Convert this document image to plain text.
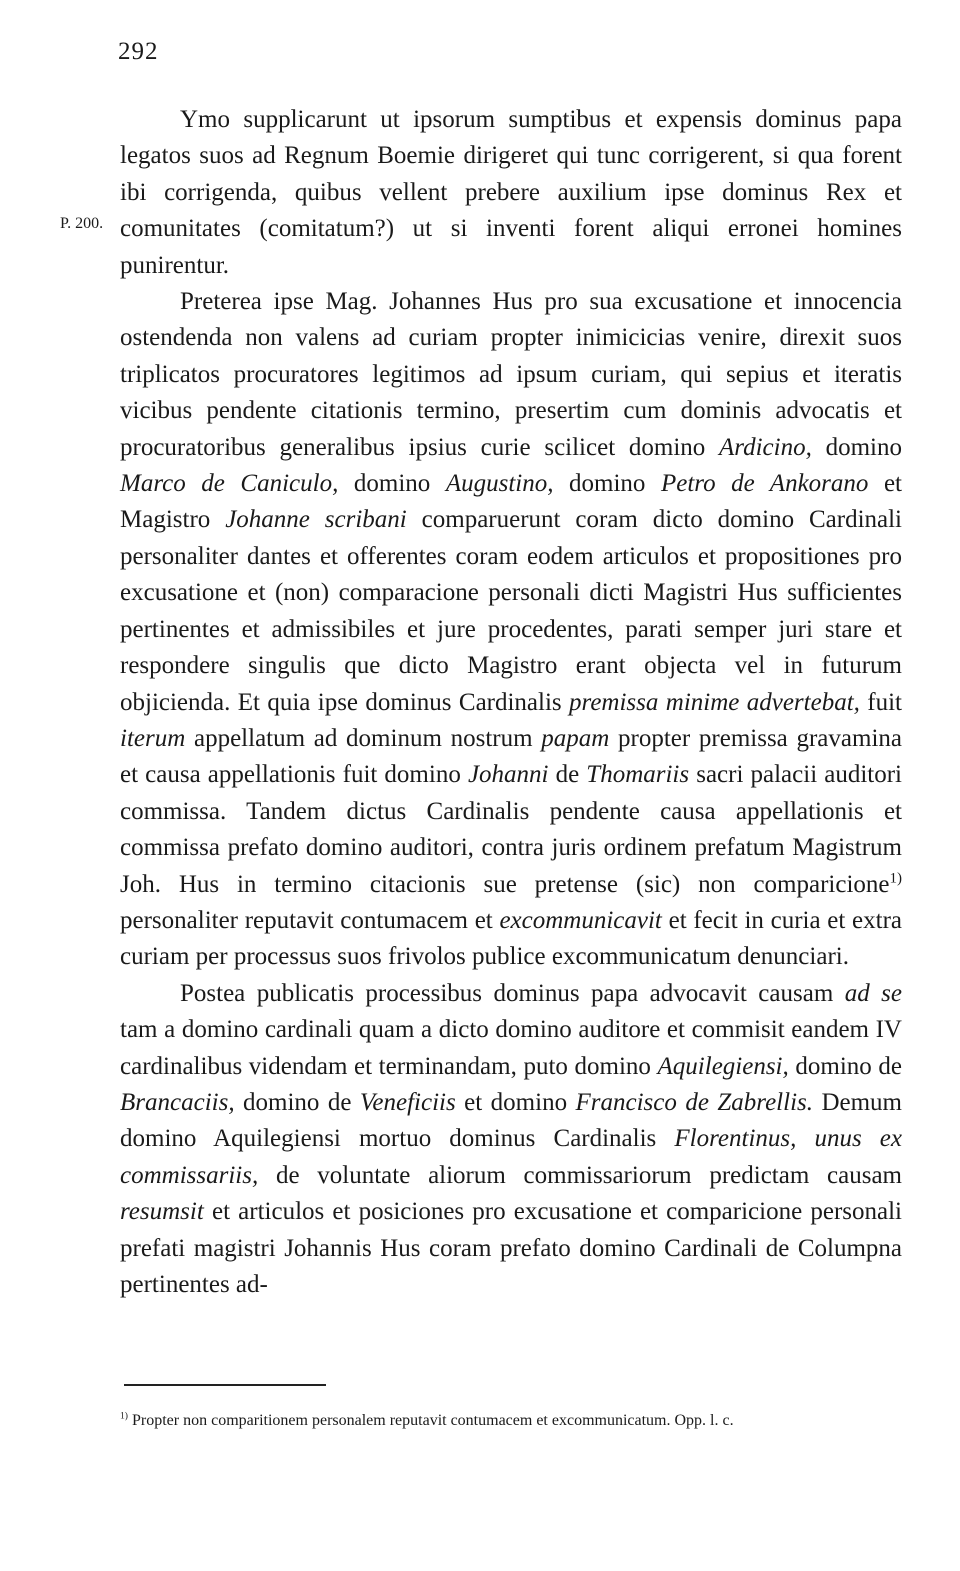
292
P. 200.

Ymo supplicarunt ut ipsorum sumptibus et expensis dominus papa legatos suos ad Regnum Boemie dirigeret qui tunc corrigerent, si qua forent ibi corrigenda, quibus vellent prebere auxilium ipse dominus Rex et comunitates (comitatum?) ut si inventi forent aliqui erronei homines punirentur.

Preterea ipse Mag. Johannes Hus pro sua excusatione et innocencia ostendenda non valens ad curiam propter inimicicias venire, direxit suos triplicatos procuratores legitimos ad ipsum curiam, qui sepius et iteratis vicibus pendente citationis termino, presertim cum dominis advocatis et procuratoribus generalibus ipsius curie scilicet domino Ardicino, domino Marco de Caniculo, domino Augustino, domino Petro de Ankorano et Magistro Johanne scribani comparuerunt coram dicto domino Cardinali personaliter dantes et offerentes coram eodem articulos et propositiones pro excusatione et (non) comparacione personali dicti Magistri Hus sufficientes pertinentes et admissibiles et jure procedentes, parati semper juri stare et respondere singulis que dicto Magistro erant objecta vel in futurum objicienda. Et quia ipse dominus Cardinalis premissa minime advertebat, fuit iterum appellatum ad dominum nostrum papam propter premissa gravamina et causa appellationis fuit domino Johanni de Thomariis sacri palacii auditori commissa. Tandem dictus Cardinalis pendente causa appellationis et commissa prefato domino auditori, contra juris ordinem prefatum Magistrum Joh. Hus in termino citacionis sue pretense (sic) non comparicione$^{1)}$ personaliter reputavit contumacem et excommunicavit et fecit in curia et extra curiam per processus suos frivolos publice excommunicatum denunciari.

Postea publicatis processibus dominus papa advocavit causam ad se tam a domino cardinali quam a dicto domino auditore et commisit eandem IV cardinalibus videndam et terminandam, puto domino Aquilegiensi, domino de Brancaciis, domino de Veneficiis et domino Francisco de Zabrellis. Demum domino Aquilegiensi mortuo dominus Cardinalis Florentinus, unus ex commissariis, de voluntate aliorum commissariorum predictam causam resumsit et articulos et posiciones pro excusatione et comparicione personali prefati magistri Johannis Hus coram prefato domino Cardinali de Columpna pertinentes ad-

$^{1)}$ Propter non comparitionem personalem reputavit contumacem et excommunicatum. Opp. l. c.
